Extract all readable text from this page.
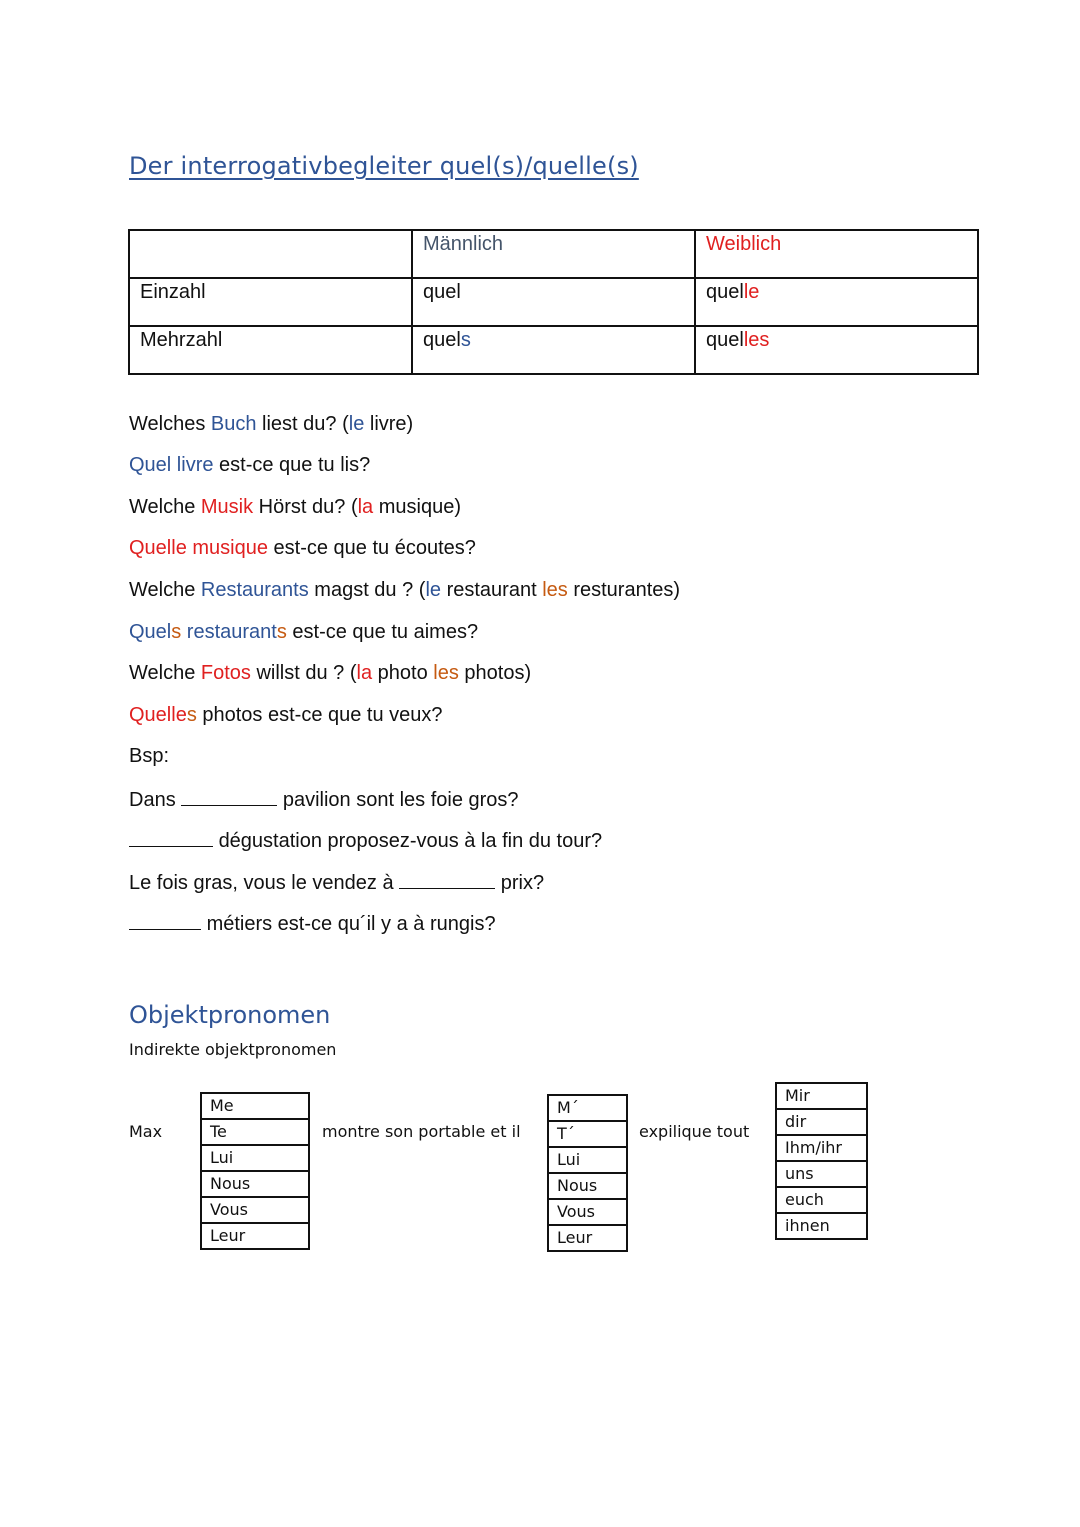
Der interrogativbegleiter quel(s)/quelle(s)
	Männlich	Weiblich
Einzahl	quel	quelle
Mehrzahl	quels	quelles
Welches Buch liest du? (le livre)
Quel livre est-ce que tu lis?
Welche Musik Hörst du? (la musique)
Quelle musique est-ce que tu écoutes?
Welche Restaurants magst du ? (le restaurant les resturantes)
Quels restaurants est-ce que tu aimes?
Welche Fotos willst du ? (la photo les photos)
Quelles photos est-ce que tu veux?
Bsp:
Dans	pavilion sont les foie gros?
dégustation proposez-vous à la fin du tour?
Le fois gras, vous le vendez à	prix?
métiers est-ce qu´il y a à rungis?
Objektpronomen
Indirekte objektpronomen
Max
Me
Te
Lui
Nous
Vous
Leur
montre son portable et il
M´
T´
Lui
Nous
Vous
Leur
expilique tout
Mir
dir
Ihm/ihr
uns
euch
ihnen
